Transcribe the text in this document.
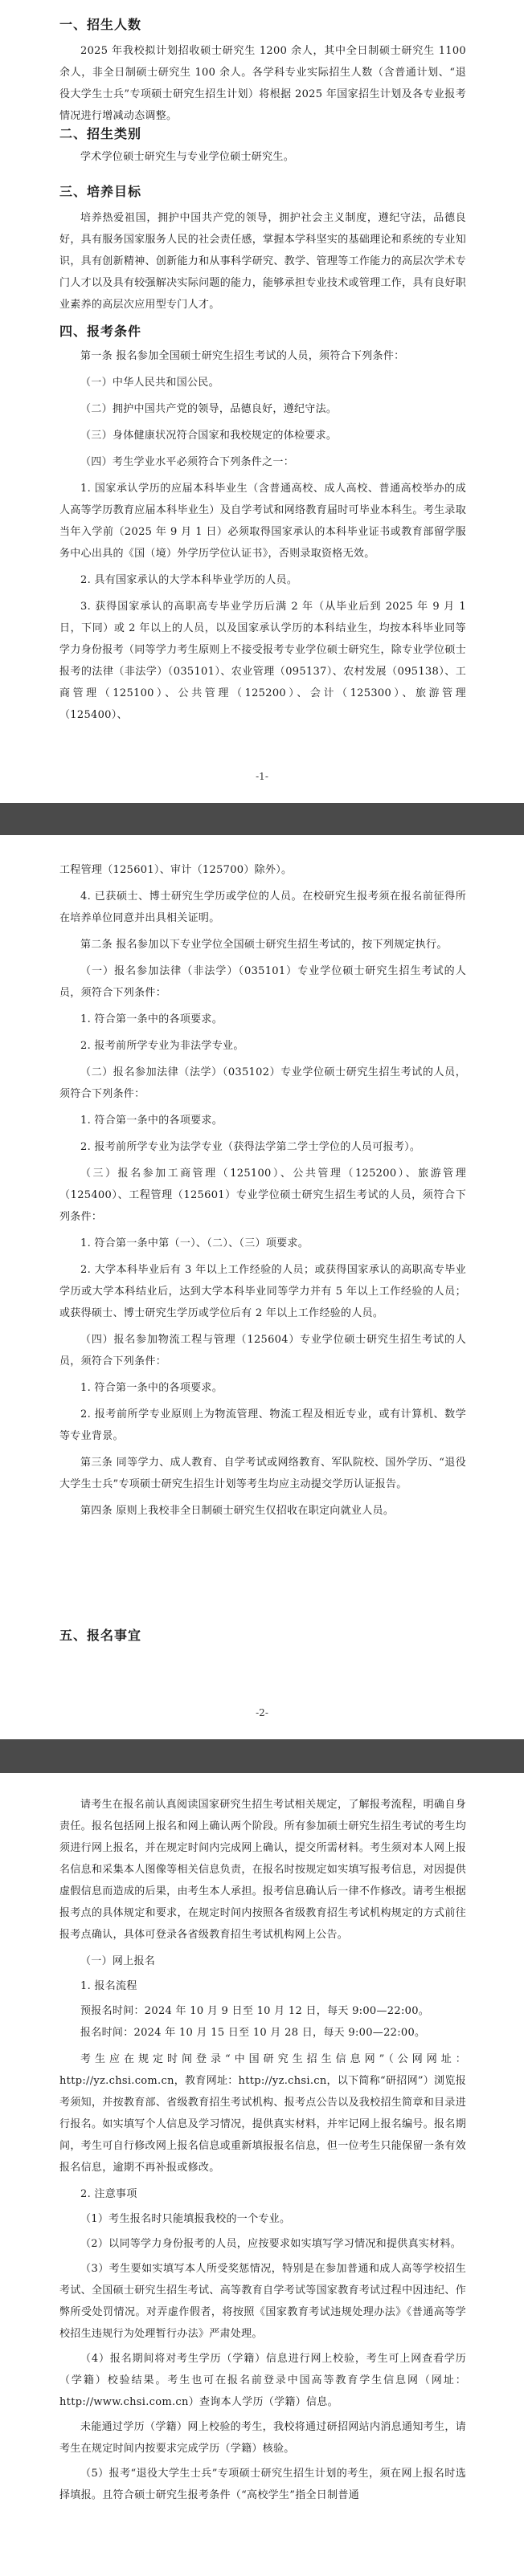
一、招生人数

2025 年我校拟计划招收硕士研究生 1200 余人，其中全日制硕士研究生 1100 余人，非全日制硕士研究生 100 余人。各学科专业实际招生人数（含普通计划、“退役大学生士兵”专项硕士研究生招生计划）将根据 2025 年国家招生计划及各专业报考情况进行增减动态调整。

二、招生类别

学术学位硕士研究生与专业学位硕士研究生。

三、培养目标

培养热爱祖国，拥护中国共产党的领导，拥护社会主义制度，遵纪守法，品德良好，具有服务国家服务人民的社会责任感，掌握本学科坚实的基础理论和系统的专业知识，具有创新精神、创新能力和从事科学研究、教学、管理等工作能力的高层次学术专门人才以及具有较强解决实际问题的能力，能够承担专业技术或管理工作，具有良好职业素养的高层次应用型专门人才。

四、报考条件

第一条 报名参加全国硕士研究生招生考试的人员，须符合下列条件：

（一）中华人民共和国公民。

（二）拥护中国共产党的领导，品德良好，遵纪守法。

（三）身体健康状况符合国家和我校规定的体检要求。

（四）考生学业水平必须符合下列条件之一：

1. 国家承认学历的应届本科毕业生（含普通高校、成人高校、普通高校举办的成人高等学历教育应届本科毕业生）及自学考试和网络教育届时可毕业本科生。考生录取当年入学前（2025 年 9 月 1 日）必须取得国家承认的本科毕业证书或教育部留学服务中心出具的《国（境）外学历学位认证书》，否则录取资格无效。

2. 具有国家承认的大学本科毕业学历的人员。

3. 获得国家承认的高职高专毕业学历后满 2 年（从毕业后到 2025 年 9 月 1 日，下同）或 2 年以上的人员，以及国家承认学历的本科结业生，均按本科毕业同等学力身份报考（同等学力考生原则上不接受报考专业学位硕士研究生，除专业学位硕士报考的法律（非法学）（035101）、农业管理（095137）、农村发展（095138）、工商管理（125100）、公共管理（125200）、会计（125300）、旅游管理（125400）、

-1-

工程管理（125601）、审计（125700）除外）。

4. 已获硕士、博士研究生学历或学位的人员。在校研究生报考须在报名前征得所在培养单位同意并出具相关证明。

第二条 报名参加以下专业学位全国硕士研究生招生考试的，按下列规定执行。

（一）报名参加法律（非法学）（035101）专业学位硕士研究生招生考试的人员，须符合下列条件：

1. 符合第一条中的各项要求。

2. 报考前所学专业为非法学专业。

（二）报名参加法律（法学）（035102）专业学位硕士研究生招生考试的人员，须符合下列条件：

1. 符合第一条中的各项要求。

2. 报考前所学专业为法学专业（获得法学第二学士学位的人员可报考）。

（三）报名参加工商管理（125100）、公共管理（125200）、旅游管理（125400）、工程管理（125601）专业学位硕士研究生招生考试的人员，须符合下列条件：

1. 符合第一条中第（一）、（二）、（三）项要求。

2. 大学本科毕业后有 3 年以上工作经验的人员；或获得国家承认的高职高专毕业学历或大学本科结业后，达到大学本科毕业同等学力并有 5 年以上工作经验的人员；或获得硕士、博士研究生学历或学位后有 2 年以上工作经验的人员。

（四）报名参加物流工程与管理（125604）专业学位硕士研究生招生考试的人员，须符合下列条件：

1. 符合第一条中的各项要求。

2. 报考前所学专业原则上为物流管理、物流工程及相近专业，或有计算机、数学等专业背景。

第三条 同等学力、成人教育、自学考试或网络教育、军队院校、国外学历、“退役大学生士兵”专项硕士研究生招生计划等考生均应主动提交学历认证报告。

第四条 原则上我校非全日制硕士研究生仅招收在职定向就业人员。

五、报名事宜
-2-

请考生在报名前认真阅读国家研究生招生考试相关规定，了解报考流程，明确自身责任。报名包括网上报名和网上确认两个阶段。所有参加硕士研究生招生考试的考生均须进行网上报名，并在规定时间内完成网上确认，提交所需材料。考生须对本人网上报名信息和采集本人图像等相关信息负责，在报名时按规定如实填写报考信息，对因提供虚假信息而造成的后果，由考生本人承担。报考信息确认后一律不作修改。请考生根据报考点的具体规定和要求，在规定时间内按照各省级教育招生考试机构规定的方式前往报考点确认，具体可登录各省级教育招生考试机构网上公告。

（一）网上报名

1. 报名流程

预报名时间：2024 年 10 月 9 日至 10 月 12 日，每天 9:00—22:00。

报名时间：2024 年 10 月 15 日至 10 月 28 日，每天 9:00—22:00。

考生应在规定时间登录“中国研究生招生信息网”（公网网址：http://yz.chsi.com.cn，教育网址：http://yz.chsi.cn，以下简称“研招网”）浏览报考须知，并按教育部、省级教育招生考试机构、报考点公告以及我校招生简章和目录进行报名。如实填写个人信息及学习情况，提供真实材料，并牢记网上报名编号。报名期间，考生可自行修改网上报名信息或重新填报报名信息，但一位考生只能保留一条有效报名信息，逾期不再补报或修改。

2. 注意事项

（1）考生报名时只能填报我校的一个专业。

（2）以同等学力身份报考的人员，应按要求如实填写学习情况和提供真实材料。

（3）考生要如实填写本人所受奖惩情况，特别是在参加普通和成人高等学校招生考试、全国硕士研究生招生考试、高等教育自学考试等国家教育考试过程中因违纪、作弊所受处罚情况。对弄虚作假者，将按照《国家教育考试违规处理办法》《普通高等学校招生违规行为处理暂行办法》严肃处理。

（4）报名期间将对考生学历（学籍）信息进行网上校验，考生可上网查看学历（学籍）校验结果。考生也可在报名前登录中国高等教育学生信息网（网址：http://www.chsi.com.cn）查询本人学历（学籍）信息。

未能通过学历（学籍）网上校验的考生，我校将通过研招网站内消息通知考生，请考生在规定时间内按要求完成学历（学籍）核验。

（5）报考“退役大学生士兵”专项硕士研究生招生计划的考生，须在网上报名时选择填报。且符合硕士研究生报考条件（“高校学生”指全日制普通
